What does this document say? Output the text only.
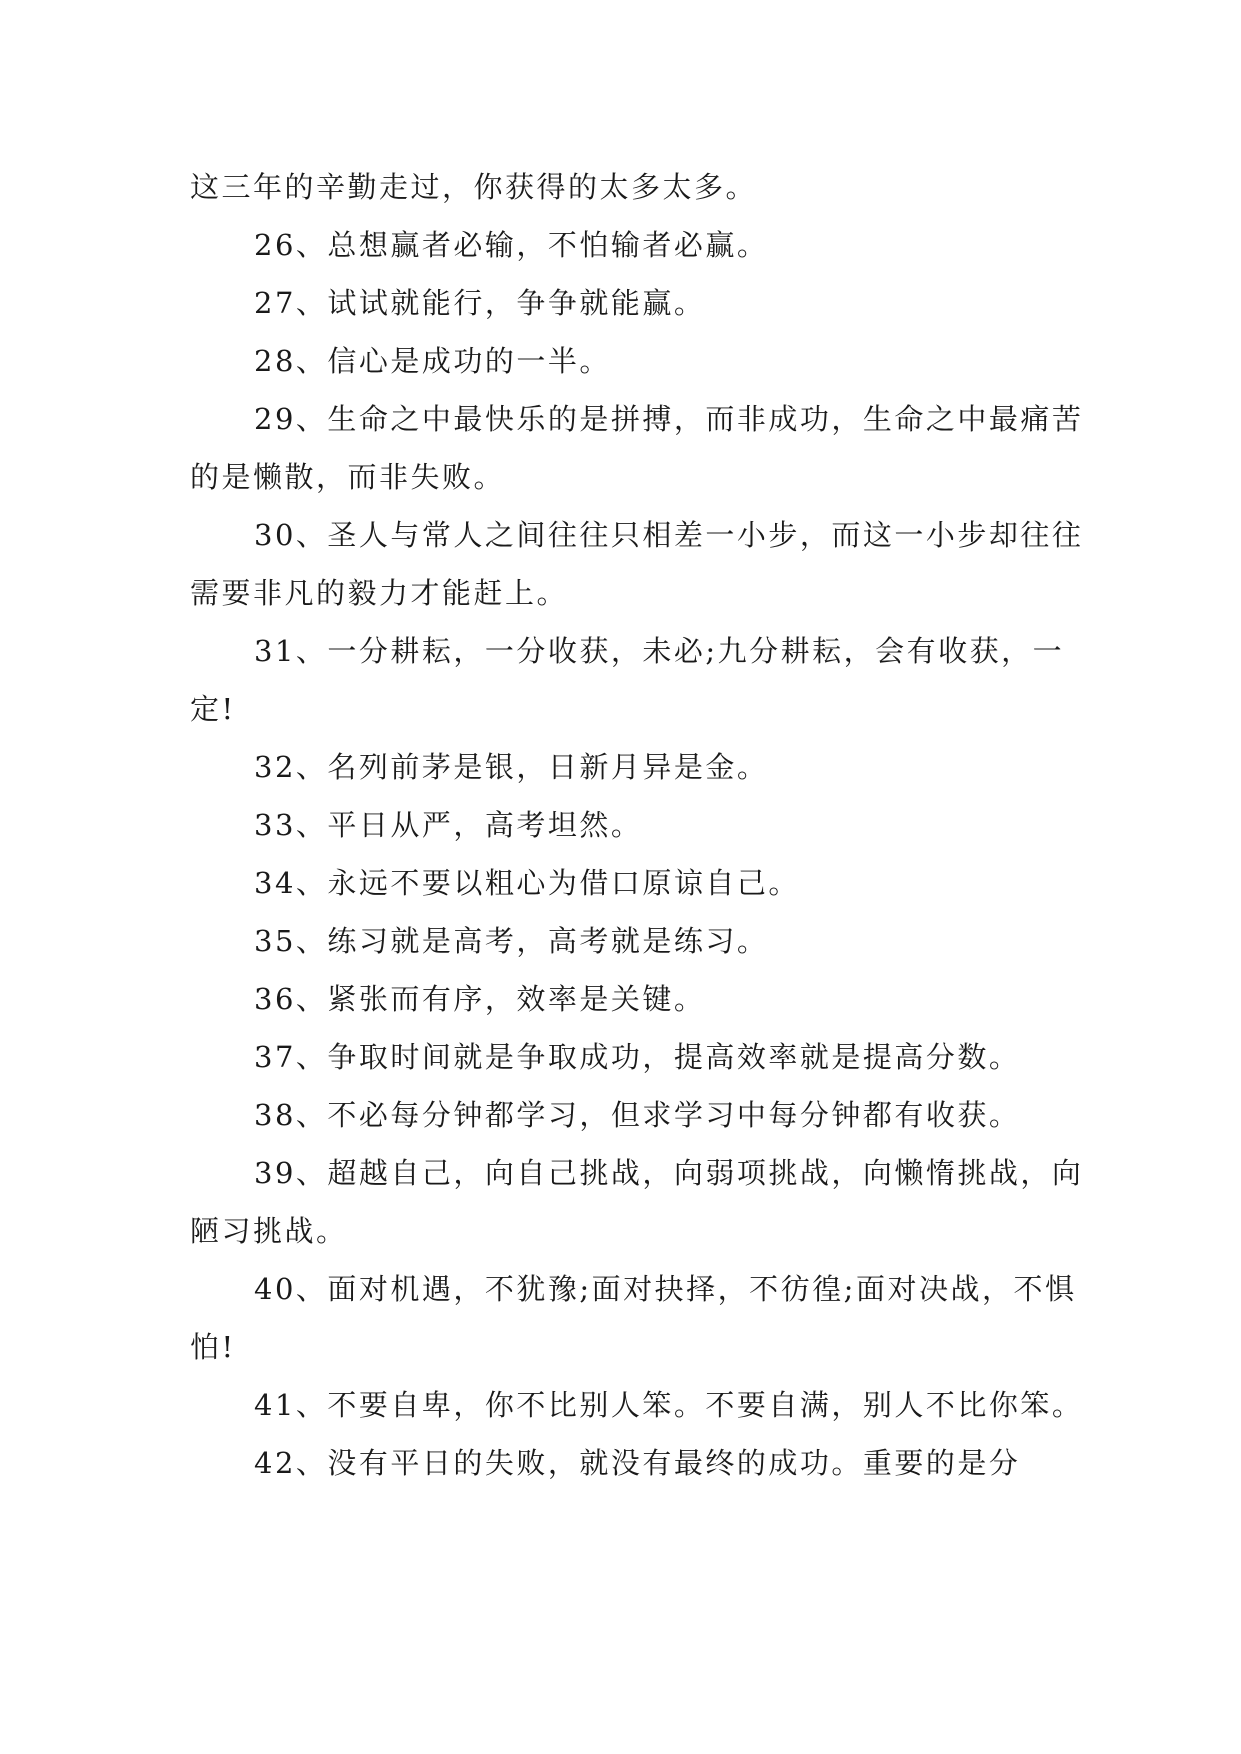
这三年的辛勤走过，你获得的太多太多。

26、总想赢者必输，不怕输者必赢。

27、试试就能行，争争就能赢。

28、信心是成功的一半。

29、生命之中最快乐的是拼搏，而非成功，生命之中最痛苦的是懒散，而非失败。

30、圣人与常人之间往往只相差一小步，而这一小步却往往需要非凡的毅力才能赶上。

31、一分耕耘，一分收获，未必;九分耕耘，会有收获，一定!

32、名列前茅是银，日新月异是金。

33、平日从严，高考坦然。

34、永远不要以粗心为借口原谅自己。

35、练习就是高考，高考就是练习。

36、紧张而有序，效率是关键。

37、争取时间就是争取成功，提高效率就是提高分数。

38、不必每分钟都学习，但求学习中每分钟都有收获。

39、超越自己，向自己挑战，向弱项挑战，向懒惰挑战，向陋习挑战。

40、面对机遇，不犹豫;面对抉择，不彷徨;面对决战，不惧怕!

41、不要自卑，你不比别人笨。不要自满，别人不比你笨。

42、没有平日的失败，就没有最终的成功。重要的是分
